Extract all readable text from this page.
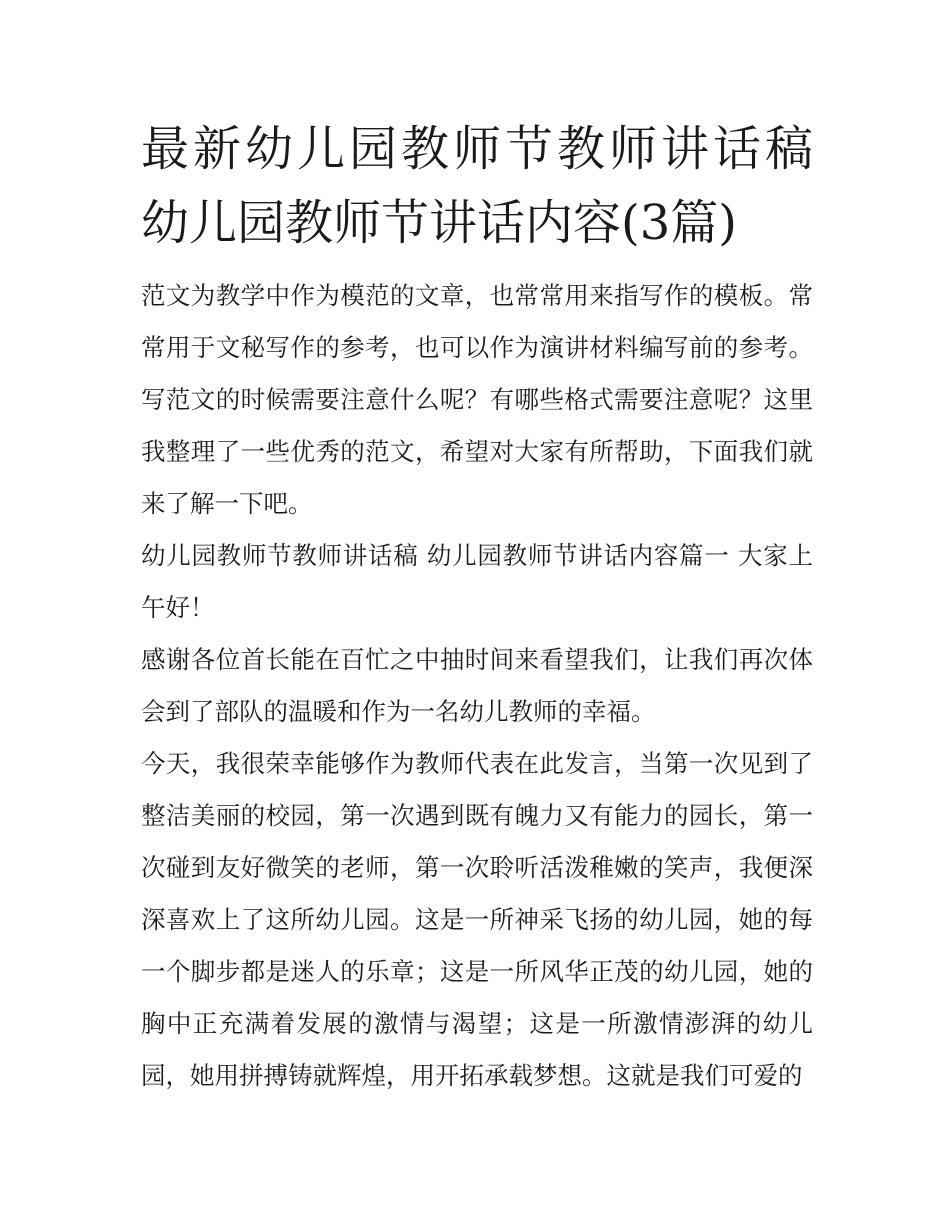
最新幼儿园教师节教师讲话稿 幼儿园教师节讲话内容(3篇)

范文为教学中作为模范的文章，也常常用来指写作的模板。常常用于文秘写作的参考，也可以作为演讲材料编写前的参考。写范文的时候需要注意什么呢？有哪些格式需要注意呢？这里我整理了一些优秀的范文，希望对大家有所帮助，下面我们就来了解一下吧。

幼儿园教师节教师讲话稿 幼儿园教师节讲话内容篇一 大家上午好！

感谢各位首长能在百忙之中抽时间来看望我们，让我们再次体会到了部队的温暖和作为一名幼儿教师的幸福。

今天，我很荣幸能够作为教师代表在此发言，当第一次见到了整洁美丽的校园，第一次遇到既有魄力又有能力的园长，第一次碰到友好微笑的老师，第一次聆听活泼稚嫩的笑声，我便深深喜欢上了这所幼儿园。这是一所神采飞扬的幼儿园，她的每一个脚步都是迷人的乐章；这是一所风华正茂的幼儿园，她的胸中正充满着发展的激情与渴望；这是一所激情澎湃的幼儿园，她用拼搏铸就辉煌，用开拓承载梦想。这就是我们可爱的
